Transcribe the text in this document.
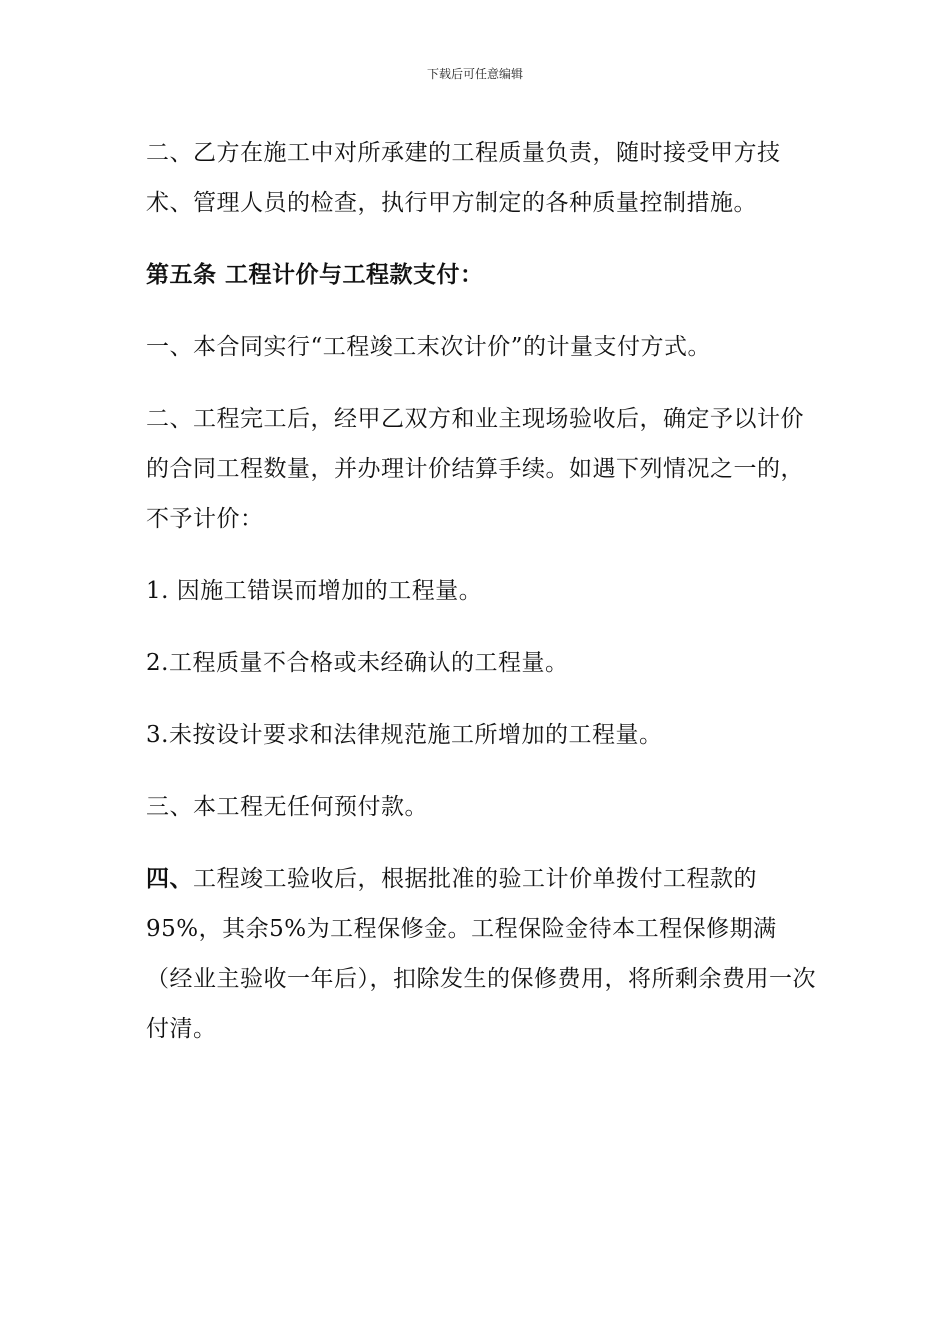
下载后可任意编辑

二、乙方在施工中对所承建的工程质量负责，随时接受甲方技术、管理人员的检查，执行甲方制定的各种质量控制措施。

第五条 工程计价与工程款支付：

一、本合同实行“工程竣工末次计价”的计量支付方式。

二、工程完工后，经甲乙双方和业主现场验收后，确定予以计价的合同工程数量，并办理计价结算手续。如遇下列情况之一的，不予计价：

1. 因施工错误而增加的工程量。

2.工程质量不合格或未经确认的工程量。

3.未按设计要求和法律规范施工所增加的工程量。

三、本工程无任何预付款。

四、工程竣工验收后，根据批准的验工计价单拨付工程款的95%，其余5%为工程保修金。工程保险金待本工程保修期满（经业主验收一年后），扣除发生的保修费用，将所剩余费用一次付清。
